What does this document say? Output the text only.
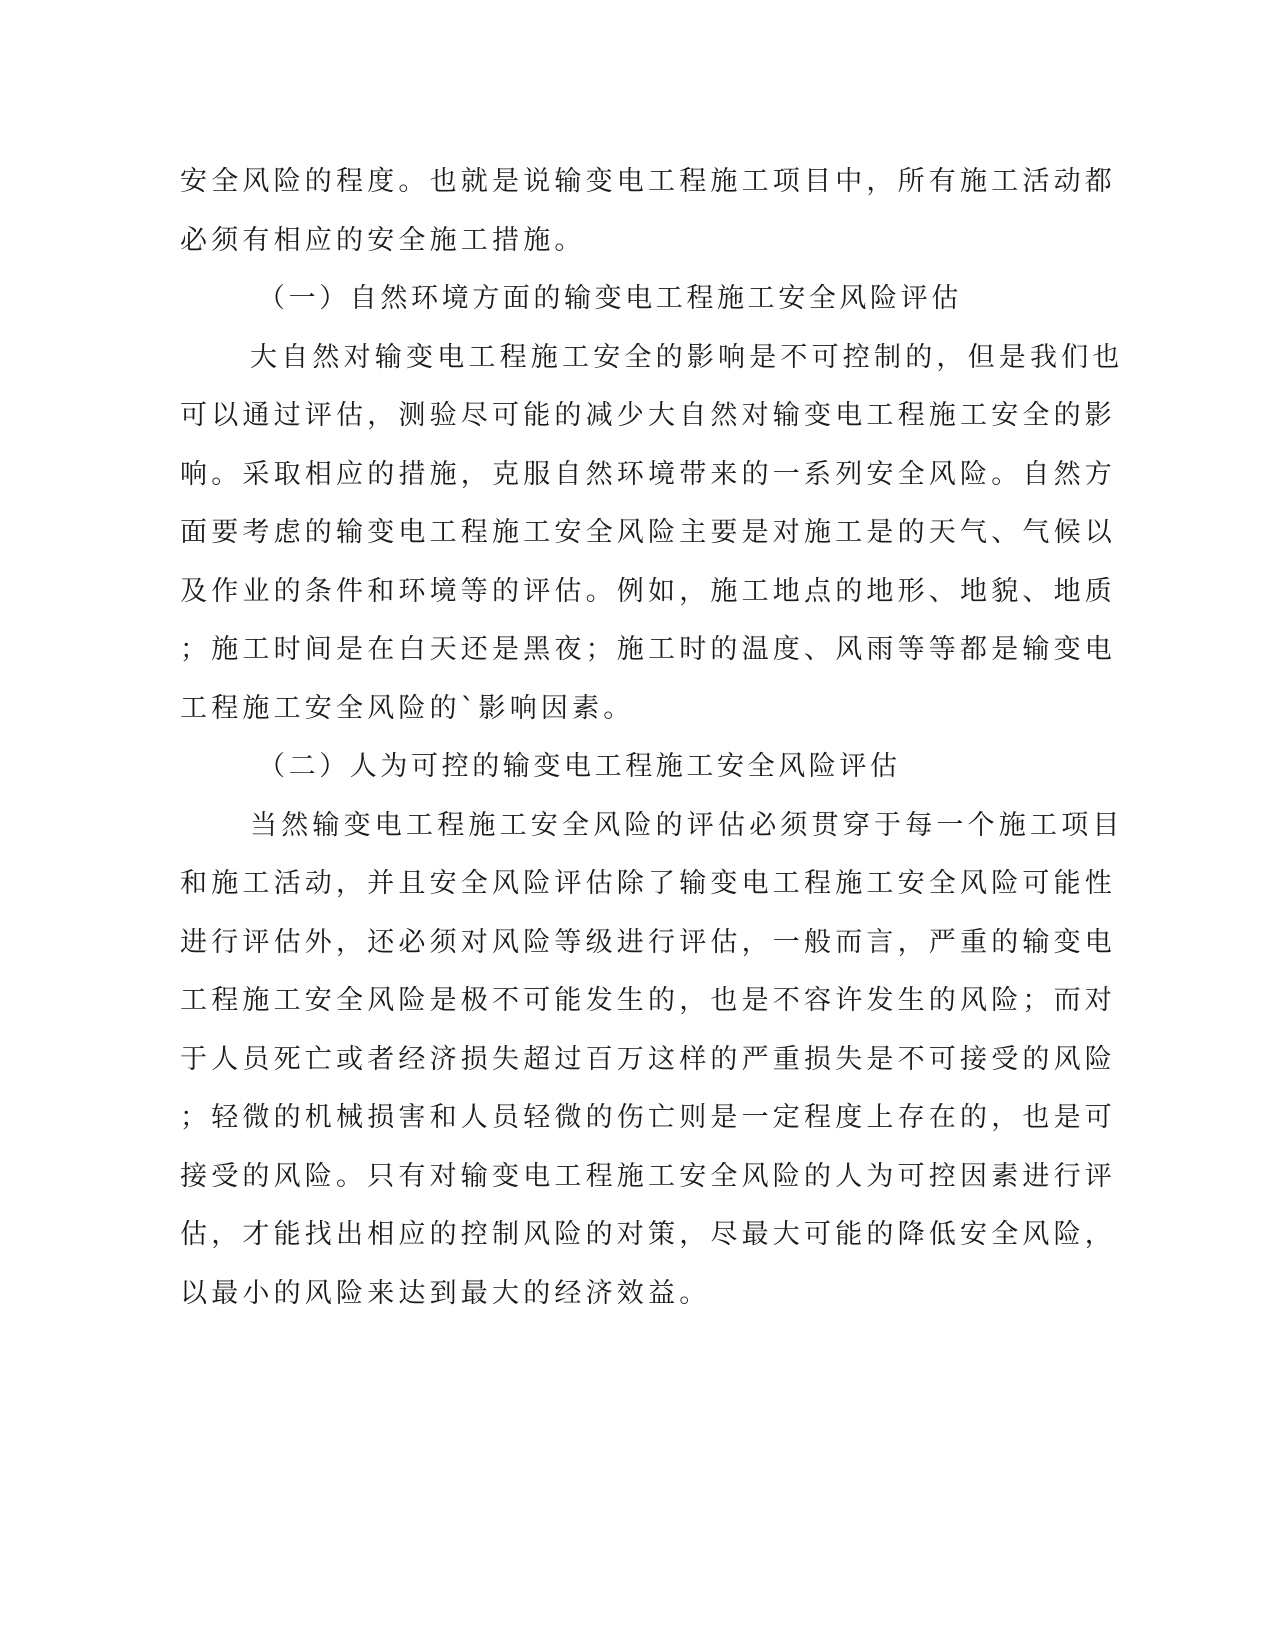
安全风险的程度。也就是说输变电工程施工项目中，所有施工活动都

必须有相应的安全施工措施。

（一）自然环境方面的输变电工程施工安全风险评估

大自然对输变电工程施工安全的影响是不可控制的，但是我们也

可以通过评估，测验尽可能的减少大自然对输变电工程施工安全的影

响。采取相应的措施，克服自然环境带来的一系列安全风险。自然方

面要考虑的输变电工程施工安全风险主要是对施工是的天气、气候以

及作业的条件和环境等的评估。例如，施工地点的地形、地貌、地质

；施工时间是在白天还是黑夜；施工时的温度、风雨等等都是输变电

工程施工安全风险的`影响因素。

（二）人为可控的输变电工程施工安全风险评估

当然输变电工程施工安全风险的评估必须贯穿于每一个施工项目

和施工活动，并且安全风险评估除了输变电工程施工安全风险可能性

进行评估外，还必须对风险等级进行评估，一般而言，严重的输变电

工程施工安全风险是极不可能发生的，也是不容许发生的风险；而对

于人员死亡或者经济损失超过百万这样的严重损失是不可接受的风险

；轻微的机械损害和人员轻微的伤亡则是一定程度上存在的，也是可

接受的风险。只有对输变电工程施工安全风险的人为可控因素进行评

估，才能找出相应的控制风险的对策，尽最大可能的降低安全风险，

以最小的风险来达到最大的经济效益。
